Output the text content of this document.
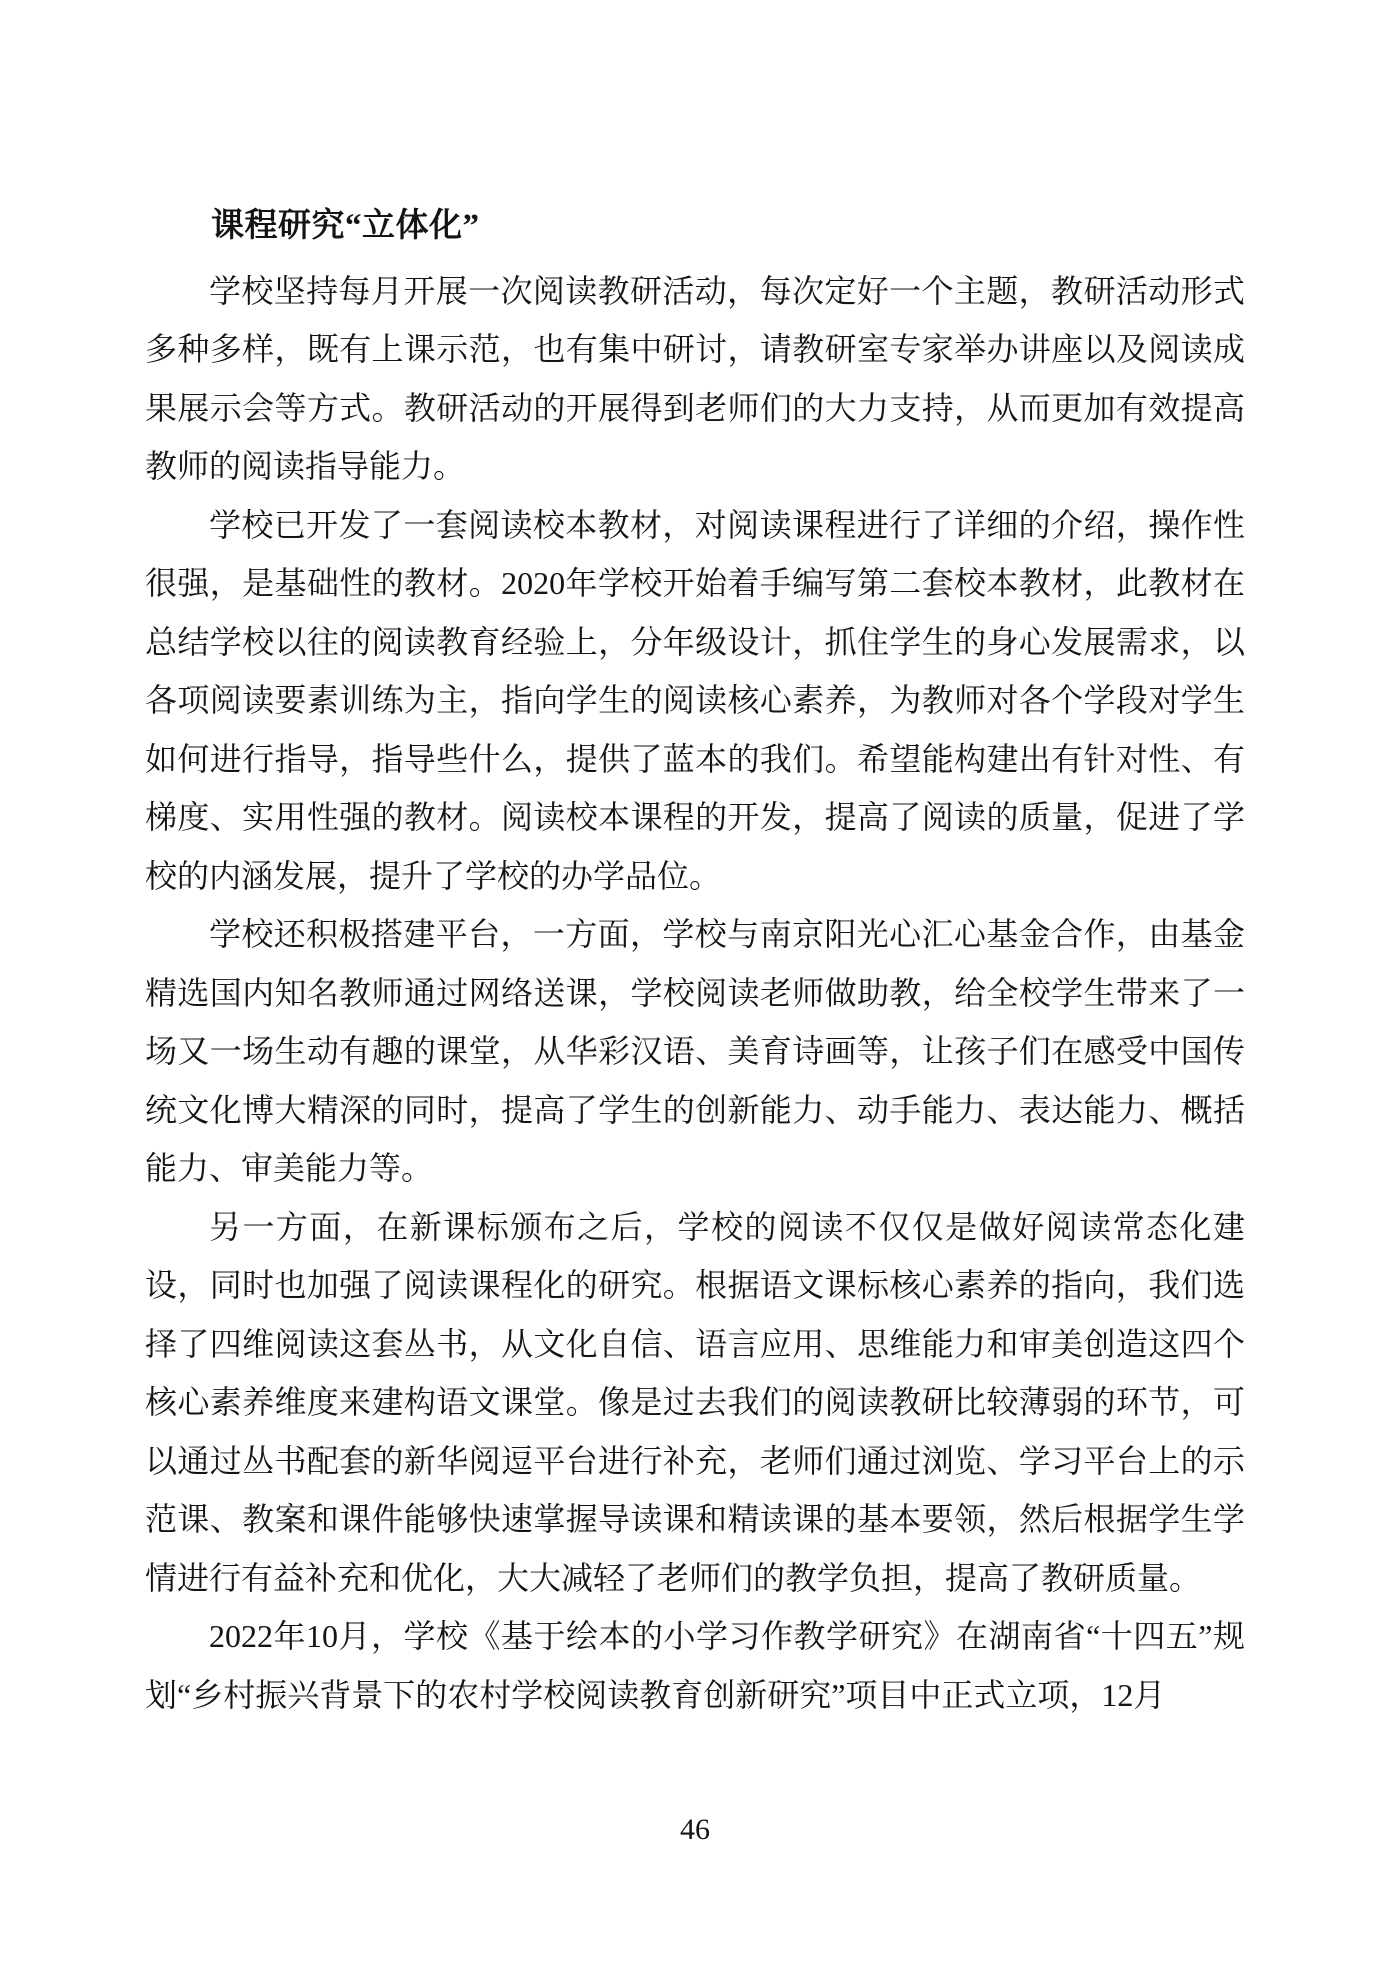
课程研究“立体化”

学校坚持每月开展一次阅读教研活动，每次定好一个主题，教研活动形式多种多样，既有上课示范，也有集中研讨，请教研室专家举办讲座以及阅读成果展示会等方式。教研活动的开展得到老师们的大力支持，从而更加有效提高教师的阅读指导能力。

学校已开发了一套阅读校本教材，对阅读课程进行了详细的介绍，操作性很强，是基础性的教材。2020年学校开始着手编写第二套校本教材，此教材在总结学校以往的阅读教育经验上，分年级设计，抓住学生的身心发展需求，以各项阅读要素训练为主，指向学生的阅读核心素养，为教师对各个学段对学生如何进行指导，指导些什么，提供了蓝本的我们。希望能构建出有针对性、有梯度、实用性强的教材。阅读校本课程的开发，提高了阅读的质量，促进了学校的内涵发展，提升了学校的办学品位。

学校还积极搭建平台，一方面，学校与南京阳光心汇心基金合作，由基金精选国内知名教师通过网络送课，学校阅读老师做助教，给全校学生带来了一场又一场生动有趣的课堂，从华彩汉语、美育诗画等，让孩子们在感受中国传统文化博大精深的同时，提高了学生的创新能力、动手能力、表达能力、概括能力、审美能力等。

另一方面，在新课标颁布之后，学校的阅读不仅仅是做好阅读常态化建设，同时也加强了阅读课程化的研究。根据语文课标核心素养的指向，我们选择了四维阅读这套丛书，从文化自信、语言应用、思维能力和审美创造这四个核心素养维度来建构语文课堂。像是过去我们的阅读教研比较薄弱的环节，可以通过丛书配套的新华阅逗平台进行补充，老师们通过浏览、学习平台上的示范课、教案和课件能够快速掌握导读课和精读课的基本要领，然后根据学生学情进行有益补充和优化，大大减轻了老师们的教学负担，提高了教研质量。

2022年10月，学校《基于绘本的小学习作教学研究》在湖南省“十四五”规划“乡村振兴背景下的农村学校阅读教育创新研究”项目中正式立项，12月

46
